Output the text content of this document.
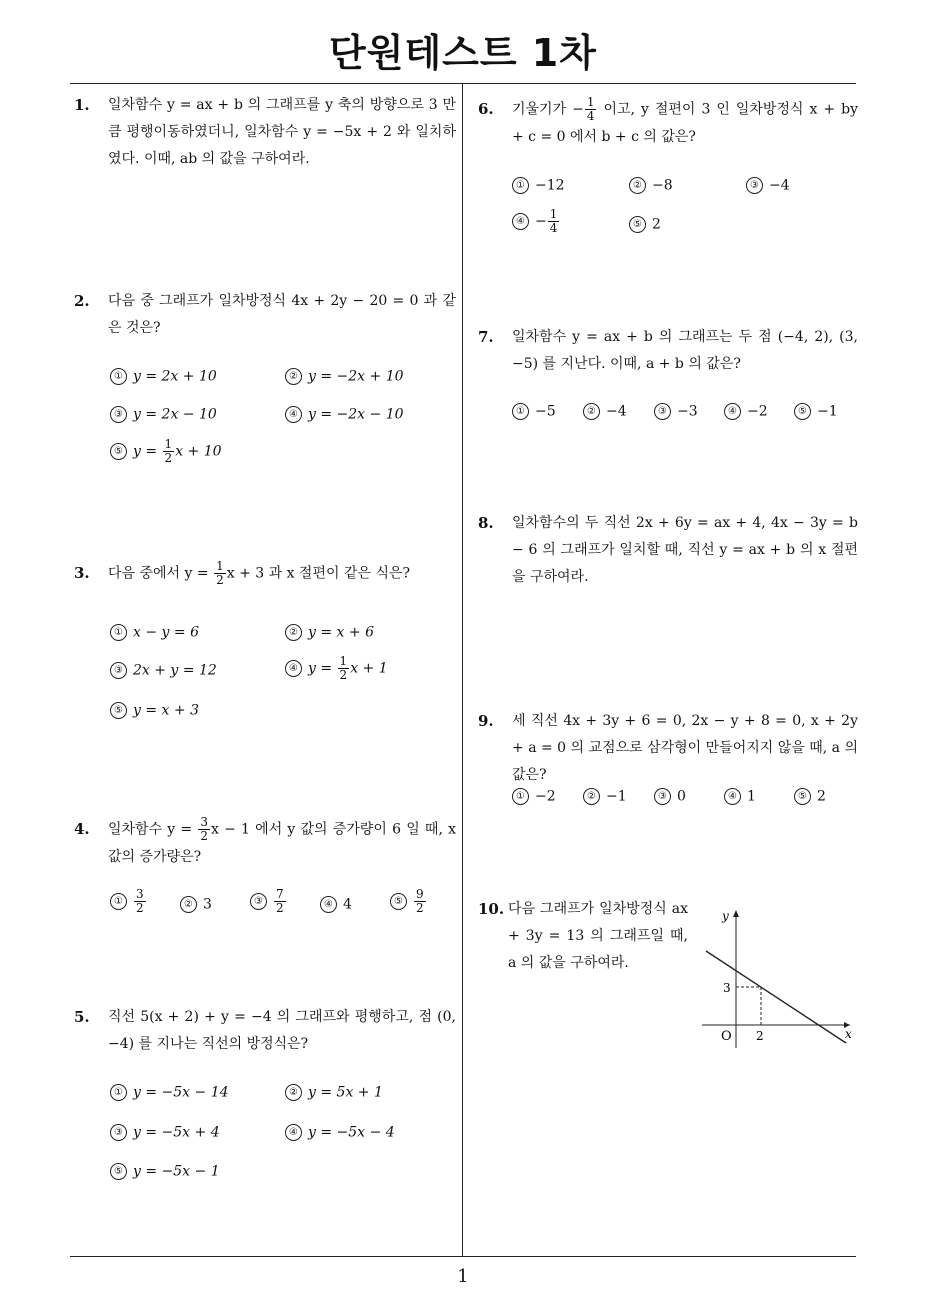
단원테스트 1차
1
1. 일차함수 y = ax + b 의 그래프를 y 축의 방향으로 3 만큼 평행이동하였더니, 일차함수 y = −5x + 2 와 일치하였다. 이때, ab 의 값을 구하여라.
2. 다음 중 그래프가 일차방정식 4x + 2y − 20 = 0 과 같은 것은?
① y = 2x + 10	② y = −2x + 10
③ y = 2x − 10	④ y = −2x − 10
⑤ $y = \frac{1}{2}$ x + 10
3. 다음 중에서 $y = \frac{1}{2}$ x + 3 과 x 절편이 같은 식은?
① x − y = 6	② y = x + 6
③ 2x + y = 12	④ $y = \frac{1}{2}$ x + 1
⑤ y = x + 3
4. 일차함수 $y = \frac{3}{2}$ x − 1 에서 y 값의 증가량이 6 일 때, x 값의 증가량은?
① $\frac{3}{2}$	② 3	③ $\frac{7}{2}$	④ 4	⑤ $\frac{9}{2}$
5. 직선 5(x + 2) + y = −4 의 그래프와 평행하고, 점 (0, −4) 를 지나는 직선의 방정식은?
① y = −5x − 14	② y = 5x + 1
③ y = −5x + 4	④ y = −5x − 4
⑤ y = −5x − 1
6. 기울기가 − $\frac{1}{4}$ 이고, y 절편이 3 인 일차방정식 x + by + c = 0 에서 b + c 의 값은?
① −12	② −8	③ −4
④ − $\frac{1}{4}$	⑤ 2
7. 일차함수 y = ax + b 의 그래프는 두 점 (−4, 2), (3, −5) 를 지난다. 이때, a + b 의 값은?
① −5	② −4	③ −3	④ −2	⑤ −1
8. 일차함수의 두 직선 2x + 6y = ax + 4, 4x − 3y = b − 6 의 그래프가 일치할 때, 직선 y = ax + b 의 x 절편을 구하여라.
9. 세 직선 4x + 3y + 6 = 0, 2x − y + 8 = 0, x + 2y + a = 0 의 교점으로 삼각형이 만들어지지 않을 때, a 의 값은?
① −2	② −1	③ 0	④ 1	⑤ 2
10. 다음 그래프가 일차방정식 ax + 3y = 13 의 그래프일 때, a 의 값을 구하여라.
y
x
O 2
3
